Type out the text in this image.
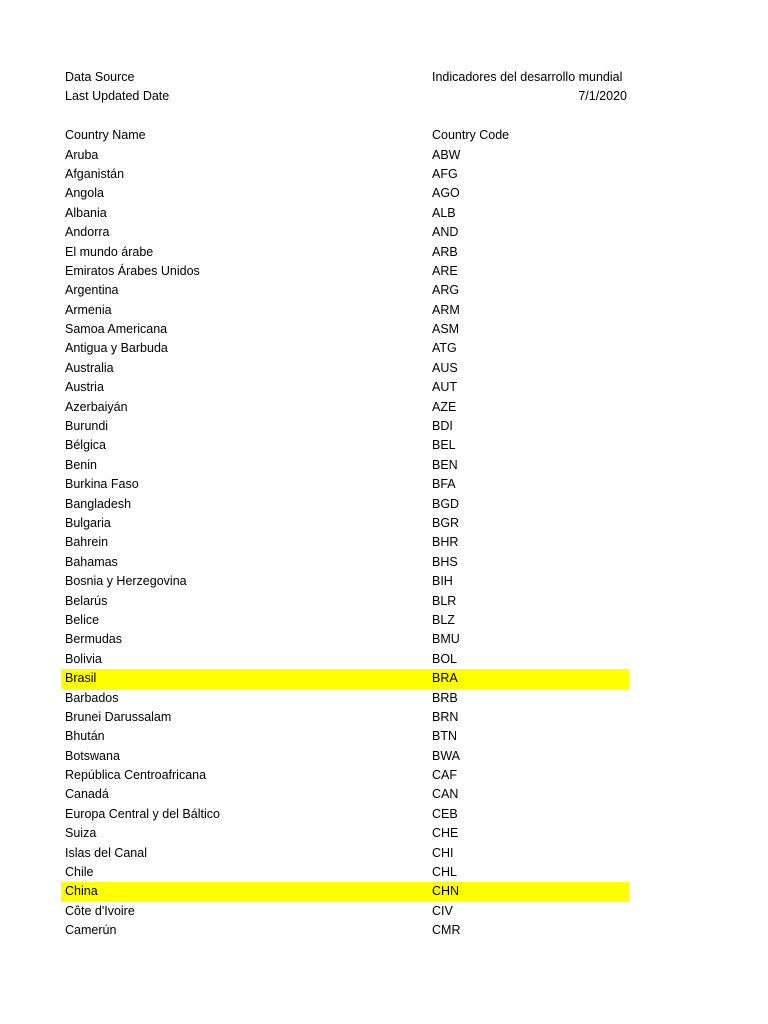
Data Source	Indicadores del desarrollo mundial
Last Updated Date	7/1/2020
Country Name	Country Code
Aruba	ABW
Afganistán	AFG
Angola	AGO
Albania	ALB
Andorra	AND
El mundo árabe	ARB
Emiratos Árabes Unidos	ARE
Argentina	ARG
Armenia	ARM
Samoa Americana	ASM
Antigua y Barbuda	ATG
Australia	AUS
Austria	AUT
Azerbaiyán	AZE
Burundi	BDI
Bélgica	BEL
Benin	BEN
Burkina Faso	BFA
Bangladesh	BGD
Bulgaria	BGR
Bahrein	BHR
Bahamas	BHS
Bosnia y Herzegovina	BIH
Belarús	BLR
Belice	BLZ
Bermudas	BMU
Bolivia	BOL
Brasil	BRA
Barbados	BRB
Brunei Darussalam	BRN
Bhután	BTN
Botswana	BWA
República Centroafricana	CAF
Canadá	CAN
Europa Central y del Báltico	CEB
Suiza	CHE
Islas del Canal	CHI
Chile	CHL
China	CHN
Côte d'Ivoire	CIV
Camerún	CMR
